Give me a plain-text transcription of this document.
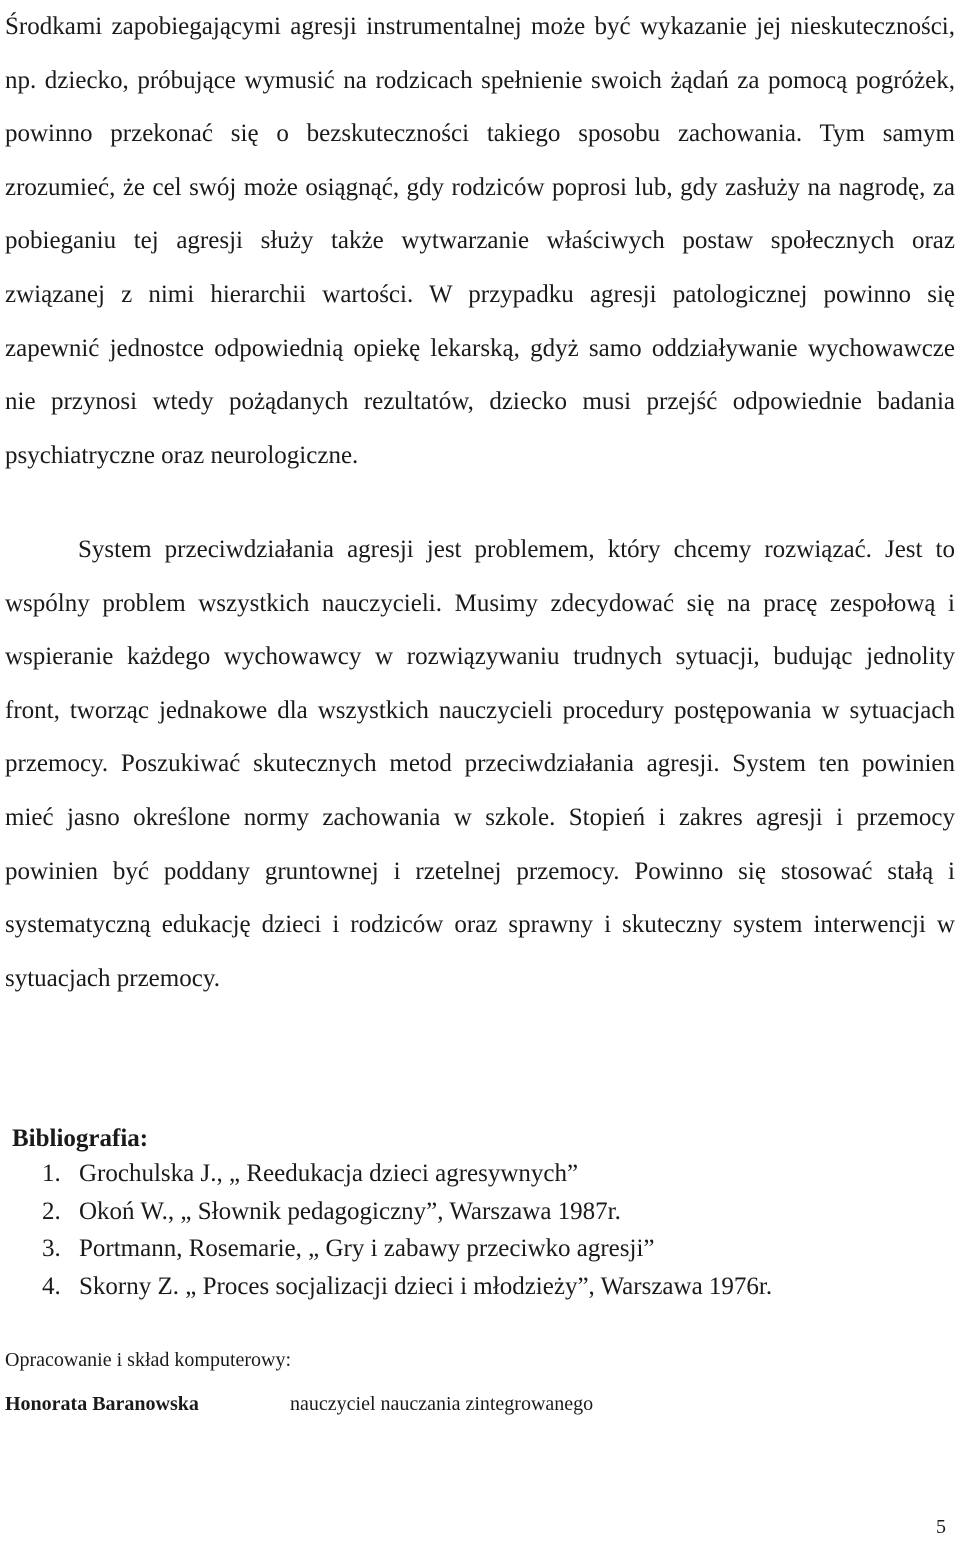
Środkami zapobiegającymi agresji instrumentalnej może być wykazanie jej nieskuteczności, np. dziecko, próbujące wymusić na rodzicach spełnienie swoich żądań za pomocą pogróżek, powinno przekonać się o bezskuteczności takiego sposobu zachowania. Tym samym zrozumieć, że cel swój może osiągnąć, gdy rodziców poprosi lub, gdy zasłuży na nagrodę, za pobieganiu tej agresji służy także wytwarzanie właściwych postaw społecznych oraz związanej z nimi hierarchii wartości. W przypadku agresji patologicznej powinno się zapewnić jednostce odpowiednią opiekę lekarską, gdyż samo oddziaływanie wychowawcze nie przynosi wtedy pożądanych rezultatów, dziecko musi przejść odpowiednie badania psychiatryczne oraz neurologiczne.
System przeciwdziałania agresji jest problemem, który chcemy rozwiązać. Jest to wspólny problem wszystkich nauczycieli. Musimy zdecydować się na pracę zespołową i wspieranie każdego wychowawcy w rozwiązywaniu trudnych sytuacji, budując jednolity front, tworząc jednakowe dla wszystkich nauczycieli procedury postępowania w sytuacjach przemocy. Poszukiwać skutecznych metod przeciwdziałania agresji. System ten powinien mieć jasno określone normy zachowania w szkole. Stopień i zakres agresji i przemocy powinien być poddany gruntownej i rzetelnej przemocy. Powinno się stosować stałą i systematyczną edukację dzieci i rodziców oraz sprawny i skuteczny system interwencji w sytuacjach przemocy.
Bibliografia:
1. Grochulska J., „ Reedukacja dzieci agresywnych”
2. Okoń W., „ Słownik pedagogiczny”, Warszawa 1987r.
3. Portmann, Rosemarie, „ Gry i zabawy przeciwko agresji”
4. Skorny Z. „ Proces socjalizacji dzieci i młodzieży”, Warszawa 1976r.
Opracowanie i skład komputerowy:
Honorata Baranowska	nauczyciel nauczania zintegrowanego
5
